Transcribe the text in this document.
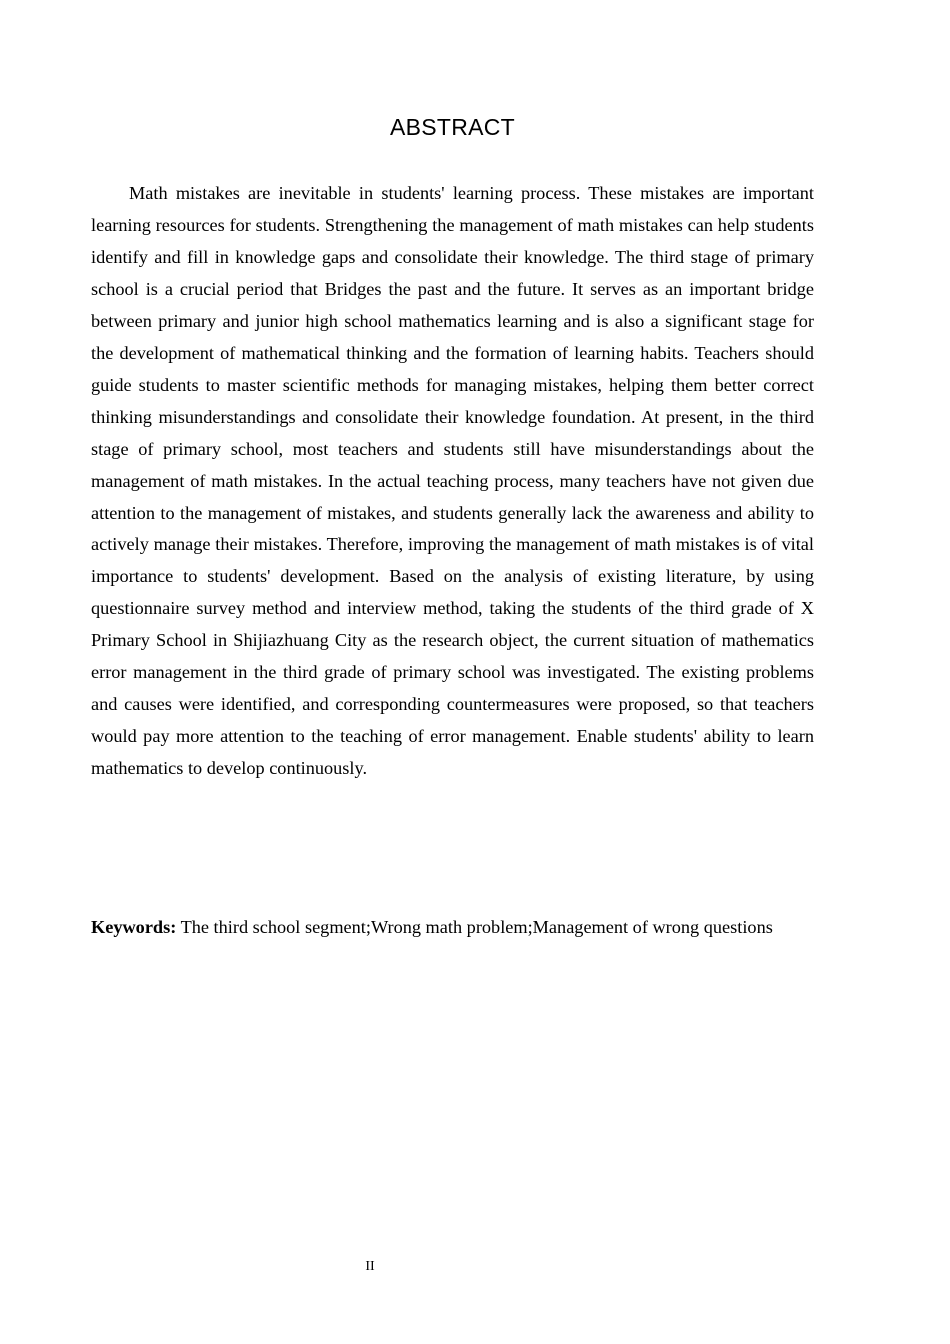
ABSTRACT

Math mistakes are inevitable in students' learning process. These mistakes are important learning resources for students. Strengthening the management of math mistakes can help students identify and fill in knowledge gaps and consolidate their knowledge. The third stage of primary school is a crucial period that Bridges the past and the future. It serves as an important bridge between primary and junior high school mathematics learning and is also a significant stage for the development of mathematical thinking and the formation of learning habits. Teachers should guide students to master scientific methods for managing mistakes, helping them better correct thinking misunderstandings and consolidate their knowledge foundation. At present, in the third stage of primary school, most teachers and students still have misunderstandings about the management of math mistakes. In the actual teaching process, many teachers have not given due attention to the management of mistakes, and students generally lack the awareness and ability to actively manage their mistakes. Therefore, improving the management of math mistakes is of vital importance to students' development. Based on the analysis of existing literature, by using questionnaire survey method and interview method, taking the students of the third grade of X Primary School in Shijiazhuang City as the research object, the current situation of mathematics error management in the third grade of primary school was investigated. The existing problems and causes were identified, and corresponding countermeasures were proposed, so that teachers would pay more attention to the teaching of error management. Enable students' ability to learn mathematics to develop continuously.

Keywords: The third school segment;Wrong math problem;Management of wrong questions

II
